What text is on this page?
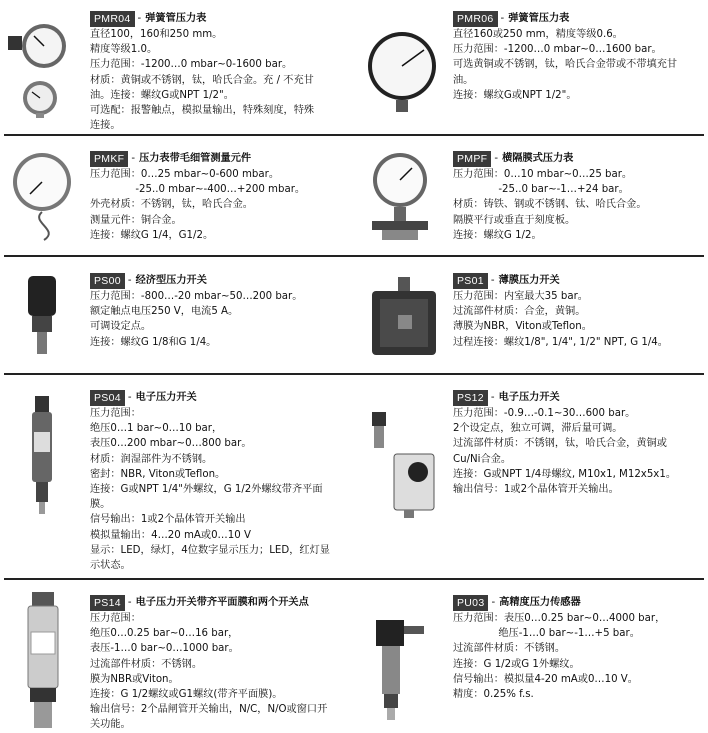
PMR04 - 弹簧管压力表
直径100，160和250 mm。
精度等级1.0。
压力范围：-1200…0 mbar~0-1600 bar。
材质：黄铜或不锈钢，钛，哈氏合金。充 / 不充甘
油。连接：螺纹G或NPT 1/2"。
可选配：报警触点，模拟量输出，特殊刻度，特殊
连接。
PMR06 - 弹簧管压力表
直径160或250 mm，精度等级0.6。
压力范围：-1200…0 mbar~0…1600 bar。
可选黄铜或不锈钢，钛，哈氏合金带或不带填充甘
油。
连接：螺纹G或NPT 1/2"。
PMKF - 压力表带毛细管测量元件
压力范围：0…25 mbar~0-600 mbar。
-25..0 mbar~-400…+200 mbar。
外壳材质：不锈钢，钛，哈氏合金。
测量元件：铜合金。
连接：螺纹G 1/4，G1/2。
PMPF - 横隔膜式压力表
压力范围：0…10 mbar~0…25 bar。
-25..0 bar~-1…+24 bar。
材质：铸铁、钢或不锈钢、钛、哈氏合金。
隔膜平行或垂直于刻度板。
连接：螺纹G 1/2。
PS00 - 经济型压力开关
压力范围：-800…-20 mbar~50…200 bar。
额定触点电压250 V，电流5 A。
可调设定点。
连接：螺纹G 1/8和G 1/4。
PS01 - 薄膜压力开关
压力范围：内室最大35 bar。
过流部件材质：合金，黄铜。
薄膜为NBR，Viton或Teflon。
过程连接：螺纹1/8", 1/4", 1/2" NPT, G 1/4。
PS04 - 电子压力开关
压力范围：
绝压0…1 bar~0…10 bar，
表压0…200 mbar~0…800 bar。
材质：润湿部件为不锈钢。
密封：NBR, Viton或Teflon。
连接：G或NPT 1/4"外螺纹，G 1/2外螺纹带齐平面
膜。
信号输出：1或2个晶体管开关输出
模拟量输出：4…20 mA或0…10 V
显示：LED，绿灯，4位数字显示压力；LED，红灯显
示状态。
PS12 - 电子压力开关
压力范围：-0.9…-0.1~30…600 bar。
2个设定点，独立可调，滞后量可调。
过流部件材质：不锈钢，钛，哈氏合金，黄铜或
Cu/Ni合金。
连接：G或NPT 1/4母螺纹, M10x1, M12x5x1。
输出信号：1或2个晶体管开关输出。
PS14 - 电子压力开关带齐平面膜和两个开关点
压力范围：
绝压0…0.25 bar~0…16 bar，
表压-1…0 bar~0…1000 bar。
过流部件材质：不锈钢。
膜为NBR或Viton。
连接：G 1/2螺纹或G1螺纹(带齐平面膜)。
输出信号：2个晶闸管开关输出，N/C，N/O或窗口开
关功能。
PU03 - 高精度压力传感器
压力范围：表压0…0.25 bar~0…4000 bar，
绝压-1…0 bar~-1…+5 bar。
过流部件材质：不锈钢。
连接：G 1/2或G 1外螺纹。
信号输出：模拟量4-20 mA或0…10 V。
精度：0.25% f.s.
